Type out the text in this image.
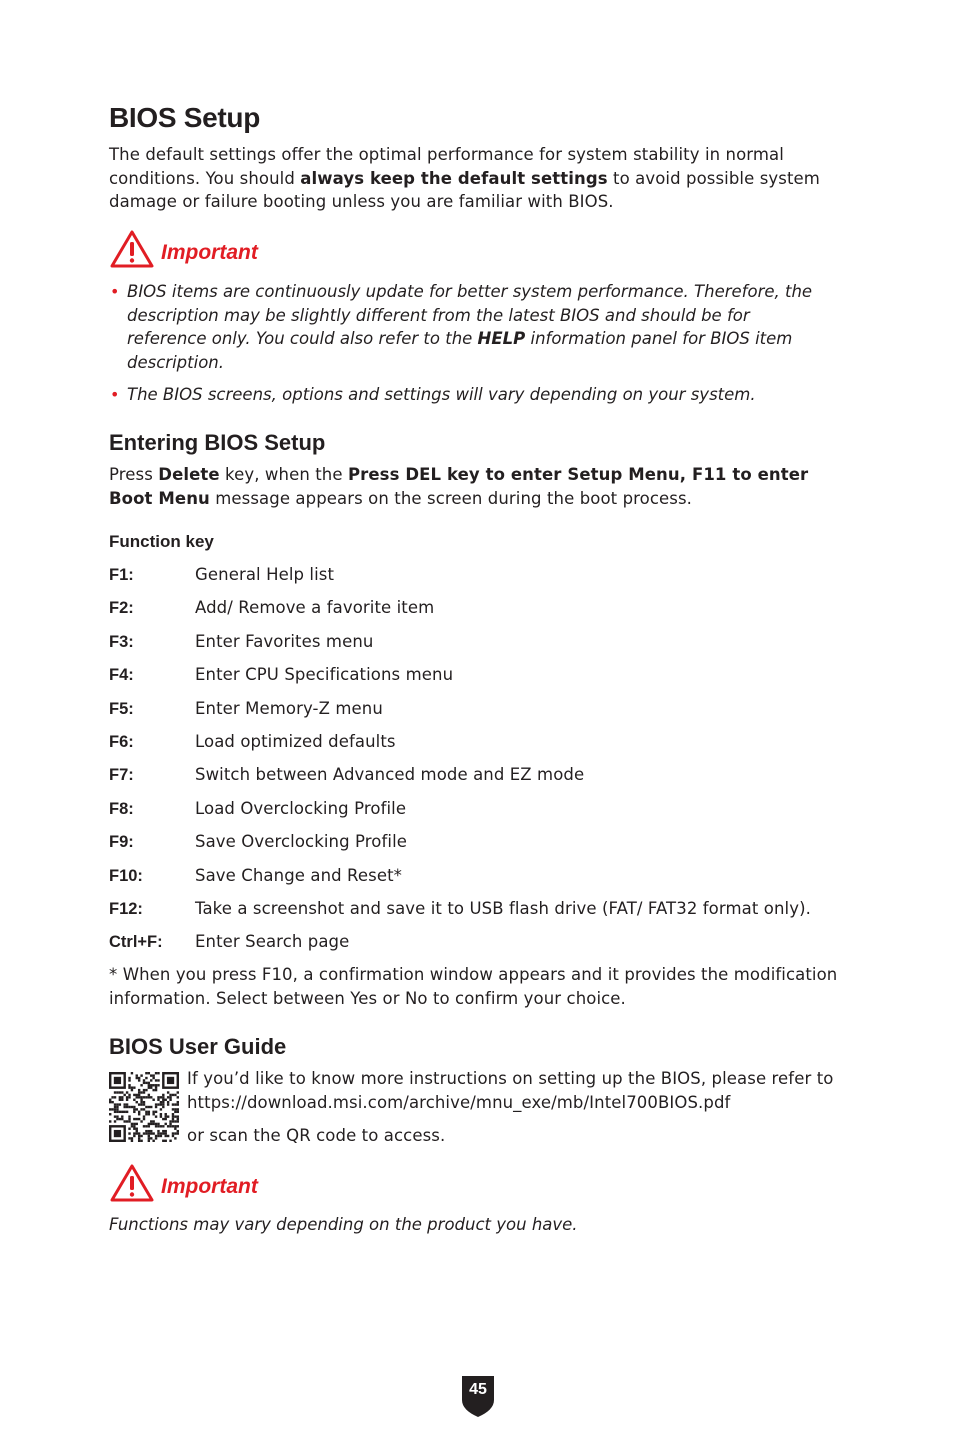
BIOS Setup

The default settings offer the optimal performance for system stability in normal conditions. You should always keep the default settings to avoid possible system damage or failure booting unless you are familiar with BIOS.

Important
• BIOS items are continuously update for better system performance. Therefore, the description may be slightly different from the latest BIOS and should be for reference only. You could also refer to the HELP information panel for BIOS item description.
• The BIOS screens, options and settings will vary depending on your system.
Entering BIOS Setup

Press Delete key, when the Press DEL key to enter Setup Menu, F11 to enter Boot Menu message appears on the screen during the boot process.

Function key
F1:	General Help list
F2:	Add/ Remove a favorite item
F3:	Enter Favorites menu
F4:	Enter CPU Specifications menu
F5:	Enter Memory-Z menu
F6:	Load optimized defaults
F7:	Switch between Advanced mode and EZ mode
F8:	Load Overclocking Profile
F9:	Save Overclocking Profile
F10:	Save Change and Reset*
F12:	Take a screenshot and save it to USB flash drive (FAT/ FAT32 format only).
Ctrl+F: Enter Search page

* When you press F10, a confirmation window appears and it provides the modification information. Select between Yes or No to confirm your choice.

BIOS User Guide
If you’d like to know more instructions on setting up the BIOS, please refer to
https://download.msi.com/archive/mnu_exe/mb/Intel700BIOS.pdf
or scan the QR code to access.
Important
Functions may vary depending on the product you have.
45
